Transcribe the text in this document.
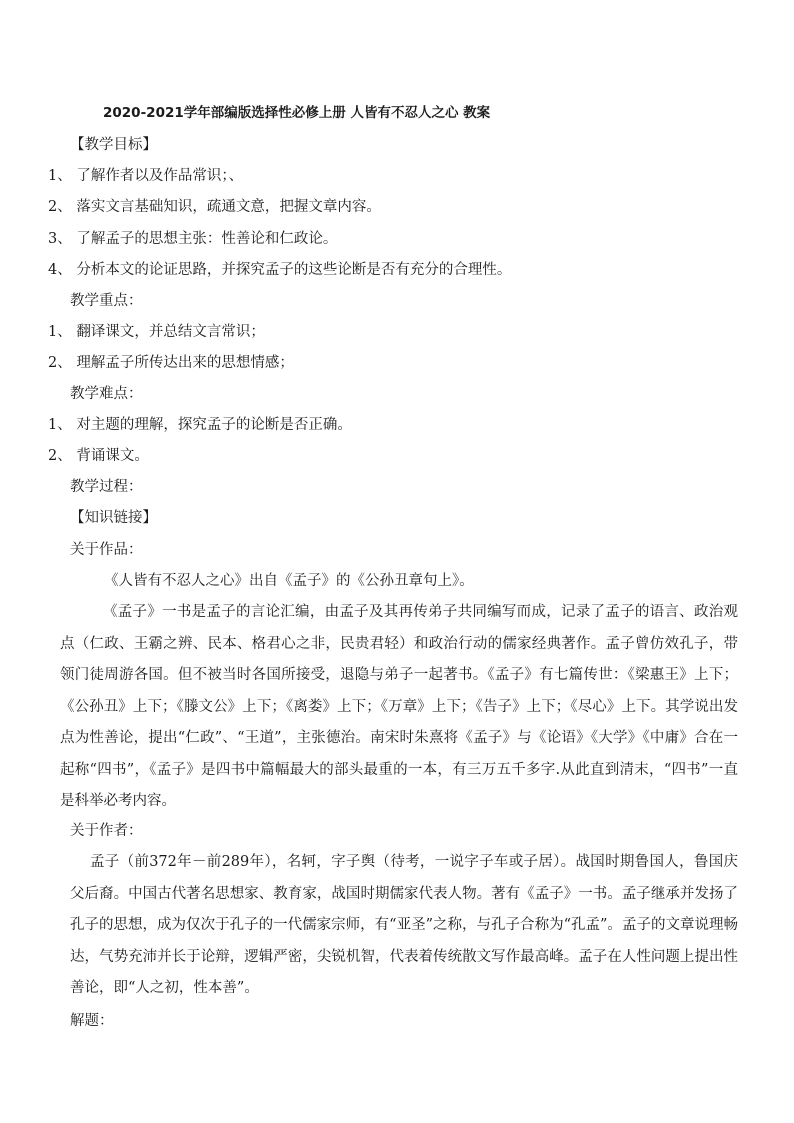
2020-2021学年部编版选择性必修上册 人皆有不忍人之心 教案
【教学目标】
1、 了解作者以及作品常识；、
2、 落实文言基础知识，疏通文意，把握文章内容。
3、 了解孟子的思想主张：性善论和仁政论。
4、 分析本文的论证思路，并探究孟子的这些论断是否有充分的合理性。
教学重点：
1、 翻译课文，并总结文言常识；
2、 理解孟子所传达出来的思想情感；
教学难点：
1、 对主题的理解，探究孟子的论断是否正确。
2、 背诵课文。
教学过程：
【知识链接】
关于作品：
《人皆有不忍人之心》出自《孟子》的《公孙丑章句上》。
《孟子》一书是孟子的言论汇编，由孟子及其再传弟子共同编写而成，记录了孟子的语言、政治观点（仁政、王霸之辨、民本、格君心之非，民贵君轻）和政治行动的儒家经典著作。孟子曾仿效孔子，带领门徒周游各国。但不被当时各国所接受，退隐与弟子一起著书。《孟子》有七篇传世：《梁惠王》上下；《公孙丑》上下；《滕文公》上下；《离娄》上下；《万章》上下；《告子》上下；《尽心》上下。其学说出发点为性善论，提出“仁政”、“王道”，主张德治。南宋时朱熹将《孟子》与《论语》《大学》《中庸》合在一起称“四书”，《孟子》是四书中篇幅最大的部头最重的一本，有三万五千多字.从此直到清末，“四书”一直是科举必考内容。
关于作者：
孟子（前372年－前289年），名轲，字子舆（待考，一说字子车或子居）。战国时期鲁国人，鲁国庆父后裔。中国古代著名思想家、教育家，战国时期儒家代表人物。著有《孟子》一书。孟子继承并发扬了孔子的思想，成为仅次于孔子的一代儒家宗师，有“亚圣”之称，与孔子合称为“孔孟”。孟子的文章说理畅达，气势充沛并长于论辩，逻辑严密，尖锐机智，代表着传统散文写作最高峰。孟子在人性问题上提出性善论，即“人之初，性本善”。
解题：
